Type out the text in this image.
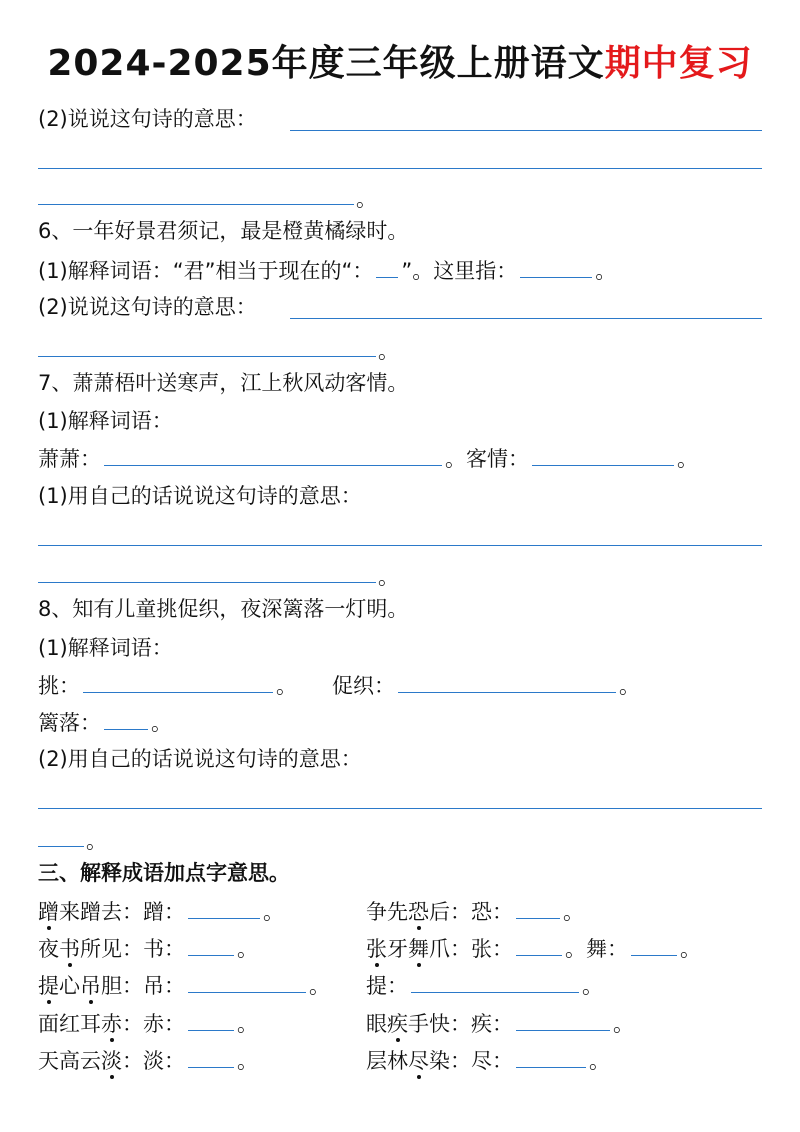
2024-2025年度三年级上册语文期中复习
(2)说说这句诗的意思：
。
6、一年好景君须记，最是橙黄橘绿时。
(1)解释词语：“君”相当于现在的“： ”。这里指：	。
(2)说说这句诗的意思：
。
7、萧萧梧叶送寒声，江上秋风动客情。
(1)解释词语：
萧萧：	。客情：	。
(1)用自己的话说说这句诗的意思：
。
8、知有儿童挑促织，夜深篱落一灯明。
(1)解释词语：
挑：	。 促织：	。
篱落： 。
(2)用自己的话说说这句诗的意思：
。
三、解释成语加点字意思。
蹭来蹭去：蹭：	。	争先恐后：恐： 。
夜书所见：书： 。	张牙舞爪：张： 。舞： 。
提心吊胆：吊：	。 提：	。
面红耳赤：赤： 。	眼疾手快：疾：	。
天高云淡：淡： 。	层林尽染：尽：	。
